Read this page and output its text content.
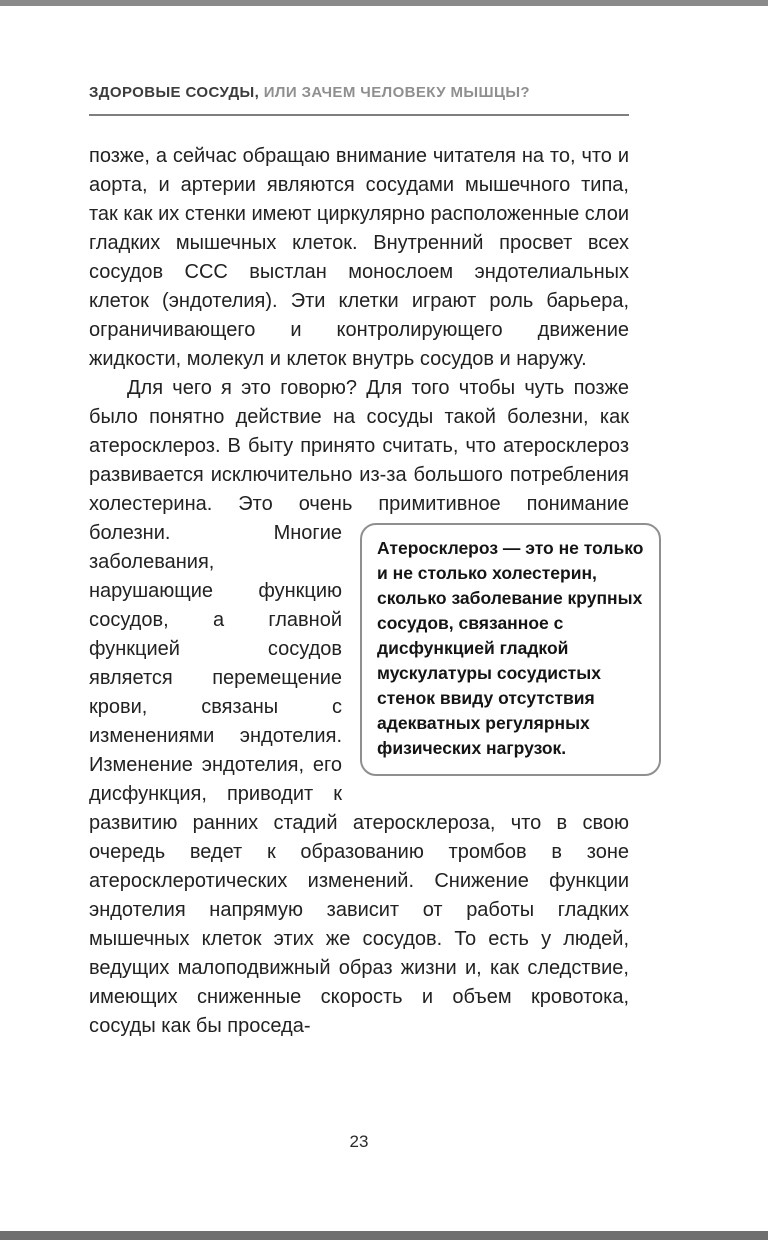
ЗДОРОВЫЕ СОСУДЫ, ИЛИ ЗАЧЕМ ЧЕЛОВЕКУ МЫШЦЫ?

позже, а сейчас обращаю внимание читателя на то, что и аорта, и артерии являются сосудами мышечного типа, так как их стенки имеют циркулярно расположенные слои гладких мышечных клеток. Внутренний просвет всех сосудов ССС выстлан монослоем эндотелиальных клеток (эндотелия). Эти клетки играют роль барьера, ограничивающего и контролирующего движение жидкости, молекул и клеток внутрь сосудов и наружу.

Для чего я это говорю? Для того чтобы чуть позже было понятно действие на сосуды такой болезни, как атеросклероз. В быту принято считать, что атеросклероз развивается исключительно из-за большого потребления холестерина. Это очень примитивное
Атеросклероз — это не только и не столько холестерин, сколько заболевание крупных сосудов, связанное с дисфункцией гладкой мускулатуры сосудистых стенок ввиду отсутствия адекватных регулярных физических нагрузок.
понимание болезни. Многие заболевания, нарушающие функцию сосудов, а главной функцией сосудов является перемещение крови, связаны с изменениями эндотелия. Изменение эндотелия, его дисфункция, приводит к развитию ранних стадий атеросклероза, что в свою очередь ведет к образованию тромбов в зоне атеросклеротических изменений. Снижение функции эндотелия напрямую зависит от работы гладких мышечных клеток этих же сосудов. То есть у людей, ведущих малоподвижный образ жизни и, как следствие, имеющих сниженные скорость и объем кровотока, сосуды как бы проседа-

23
